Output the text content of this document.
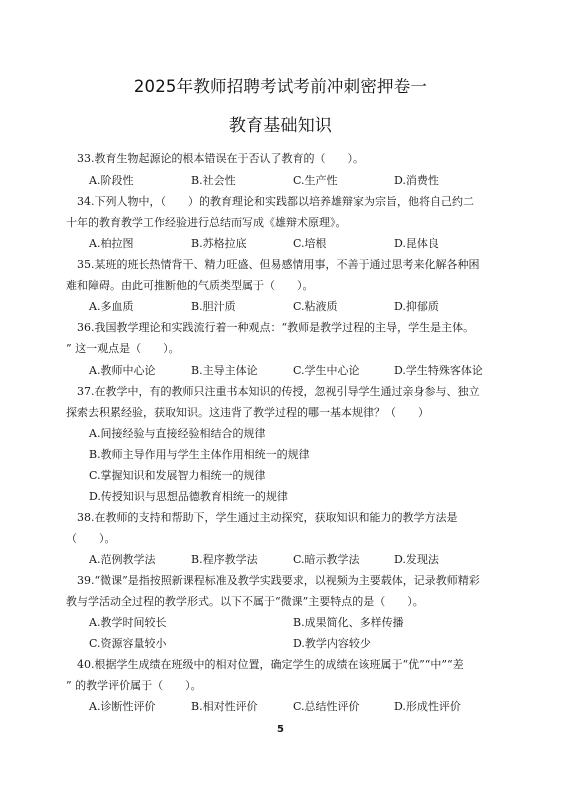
2025年教师招聘考试考前冲刺密押卷一
教育基础知识
33.教育生物起源论的根本错误在于否认了教育的（　　）。
A.阶段性	B.社会性	C.生产性	D.消费性
34.下列人物中，（　　）的教育理论和实践都以培养雄辩家为宗旨，他将自己约二
十年的教育教学工作经验进行总结而写成《雄辩术原理》。
A.柏拉图	B.苏格拉底	C.培根	D.昆体良
35.某班的班长热情背干、精力旺盛、但易感情用事，不善于通过思考来化解各种困
难和障碍。由此可推断他的气质类型属于（　　）。
A.多血质	B.胆汁质	C.粘液质	D.抑郁质
36.我国教学理论和实践流行着一种观点：“教师是教学过程的主导，学生是主体。
” 这一观点是（　　）。
A.教师中心论	B.主导主体论	C.学生中心论	D.学生特殊客体论
37.在教学中，有的教师只注重书本知识的传授，忽视引导学生通过亲身参与、独立
探索去积累经验，获取知识。这违背了教学过程的哪一基本规律？（　　）
A.间接经验与直接经验相结合的规律
B.教师主导作用与学生主体作用相统一的规律
C.掌握知识和发展智力相统一的规律
D.传授知识与思想品德教育相统一的规律
38.在教师的支持和帮助下，学生通过主动探究，获取知识和能力的教学方法是
（　　）。
A.范例教学法	B.程序教学法	C.暗示教学法	D.发现法
39.“微课”是指按照新课程标准及教学实践要求，以视频为主要载体，记录教师精彩
教与学活动全过程的教学形式。以下不属于“微课”主要特点的是（　　）。
A.教学时间较长	B.成果简化、多样传播
C.资源容量较小	D.教学内容较少
40.根据学生成绩在班级中的相对位置，确定学生的成绩在该班属于“优”“中”“差
” 的教学评价属于（　　）。
A.诊断性评价	B.相对性评价	C.总结性评价	D.形成性评价
5
